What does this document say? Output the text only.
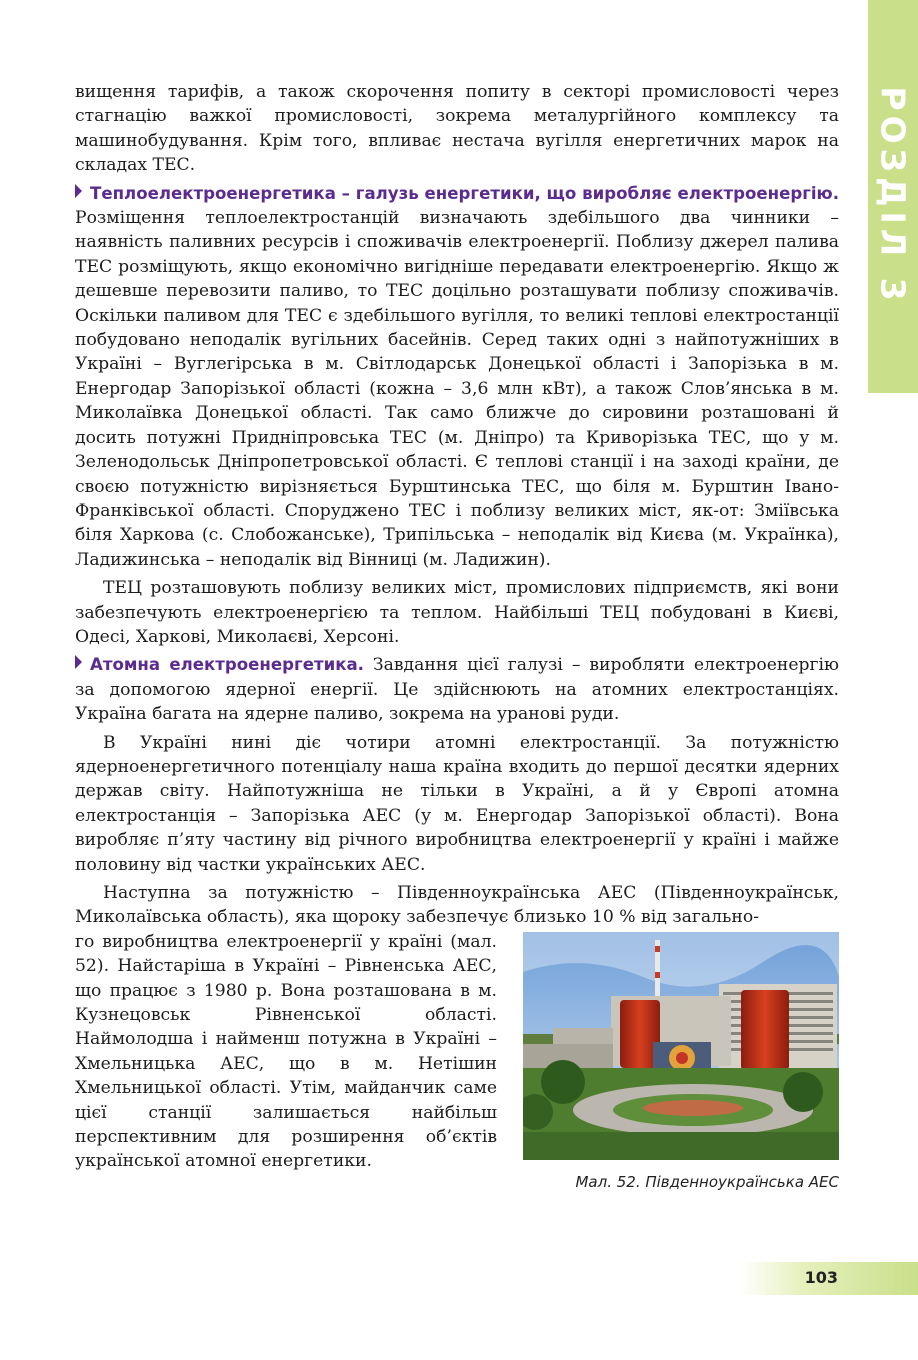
РОЗДІЛ 3

вищення тарифів, а також скорочення попиту в секторі промисловості через стагнацію важкої промисловості, зокрема металургійного комплексу та машинобудування. Крім того, впливає нестача вугілля енергетичних марок на складах ТЕС.

Теплоелектроенергетика – галузь енергетики, що виробляє електроенергію. Розміщення теплоелектростанцій визначають здебільшого два чинники – наявність паливних ресурсів і споживачів електроенергії. Поблизу джерел палива ТЕС розміщують, якщо економічно вигідніше передавати електроенергію. Якщо ж дешевше перевозити паливо, то ТЕС доцільно розташувати поблизу споживачів. Оскільки паливом для ТЕС є здебільшого вугілля, то великі теплові електростанції побудовано неподалік вугільних басейнів. Серед таких одні з найпотужніших в Україні – Вуглегірська в м. Світлодарськ Донецької області і Запорізька в м. Енергодар Запорізької області (кожна – 3,6 млн кВт), а також Слов’янська в м. Миколаївка Донецької області. Так само ближче до сировини розташовані й досить потужні Придніпровська ТЕС (м. Дніпро) та Криворізька ТЕС, що у м. Зеленодольськ Дніпропетровської області. Є теплові станції і на заході країни, де своєю потужністю вирізняється Бурштинська ТЕС, що біля м. Бурштин Івано-Франківської області. Споруджено ТЕС і поблизу великих міст, як-от: Зміївська біля Харкова (с. Слобожанське), Трипільська – неподалік від Києва (м. Українка), Ладижинська – неподалік від Вінниці (м. Ладижин).

ТЕЦ розташовують поблизу великих міст, промислових підприємств, які вони забезпечують електроенергією та теплом. Найбільші ТЕЦ побудовані в Києві, Одесі, Харкові, Миколаєві, Херсоні.

Атомна електроенергетика. Завдання цієї галузі – виробляти електроенергію за допомогою ядерної енергії. Це здійснюють на атомних електростанціях. Україна багата на ядерне паливо, зокрема на уранові руди.

В Україні нині діє чотири атомні електростанції. За потужністю ядерноенергетичного потенціалу наша країна входить до першої десятки ядерних держав світу. Найпотужніша не тільки в Україні, а й у Європі атомна електростанція – Запорізька АЕС (у м. Енергодар Запорізької області). Вона виробляє п’яту частину від річного виробництва електроенергії у країні і майже половину від частки українських АЕС.

Наступна за потужністю – Південноукраїнська АЕС (Південноукраїнськ, Миколаївська область), яка щороку забезпечує близько 10 % від загально-

Мал. 52. Південноукраїнська АЕС

го виробництва електроенергії у країні (мал. 52). Найстаріша в Україні – Рівненська АЕС, що працює з 1980 р. Вона розташована в м. Кузнецовськ Рівненської області. Наймолодша і найменш потужна в Україні – Хмельницька АЕС, що в м. Нетішин Хмельницької області. Утім, майданчик саме цієї станції залишається найбільш перспективним для розширення об’єктів української атомної енергетики.

103
